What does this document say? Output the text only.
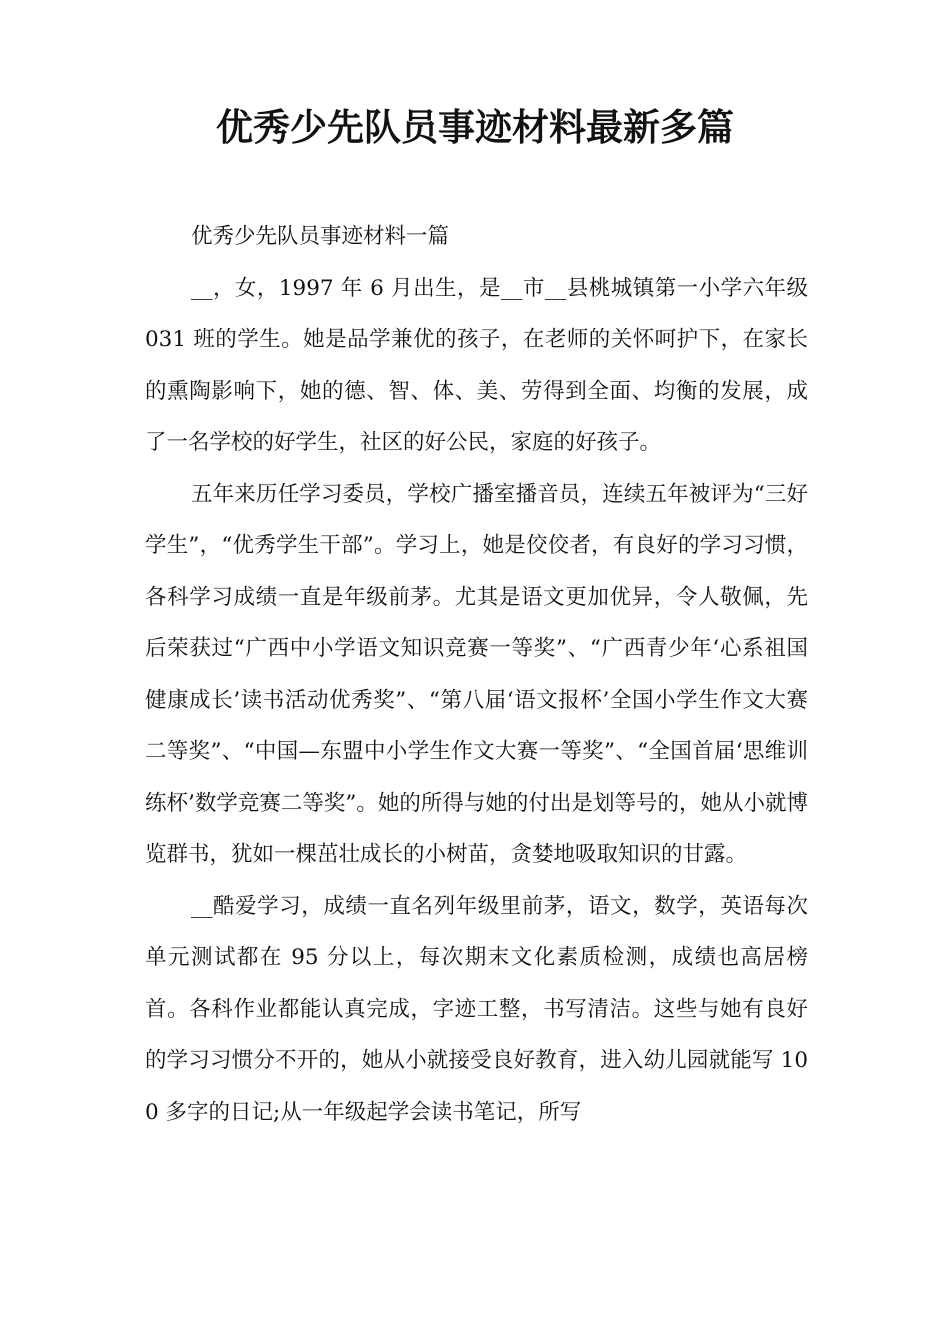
优秀少先队员事迹材料最新多篇

优秀少先队员事迹材料一篇

__，女，1997 年 6 月出生，是__市__县桃城镇第一小学六年级 031 班的学生。她是品学兼优的孩子，在老师的关怀呵护下，在家长的熏陶影响下，她的德、智、体、美、劳得到全面、均衡的发展，成了一名学校的好学生，社区的好公民，家庭的好孩子。

五年来历任学习委员，学校广播室播音员，连续五年被评为“三好学生”，“优秀学生干部”。学习上，她是佼佼者，有良好的学习习惯，各科学习成绩一直是年级前茅。尤其是语文更加优异，令人敬佩，先后荣获过“广西中小学语文知识竞赛一等奖”、“广西青少年‘心系祖国 健康成长’读书活动优秀奖”、“第八届‘语文报杯’全国小学生作文大赛二等奖”、“中国—东盟中小学生作文大赛一等奖”、“全国首届‘思维训练杯’数学竞赛二等奖”。她的所得与她的付出是划等号的，她从小就博览群书，犹如一棵茁壮成长的小树苗，贪婪地吸取知识的甘露。

__酷爱学习，成绩一直名列年级里前茅，语文，数学，英语每次单元测试都在 95 分以上，每次期末文化素质检测，成绩也高居榜首。各科作业都能认真完成，字迹工整，书写清洁。这些与她有良好的学习习惯分不开的，她从小就接受良好教育，进入幼儿园就能写 100 多字的日记;从一年级起学会读书笔记，所写
